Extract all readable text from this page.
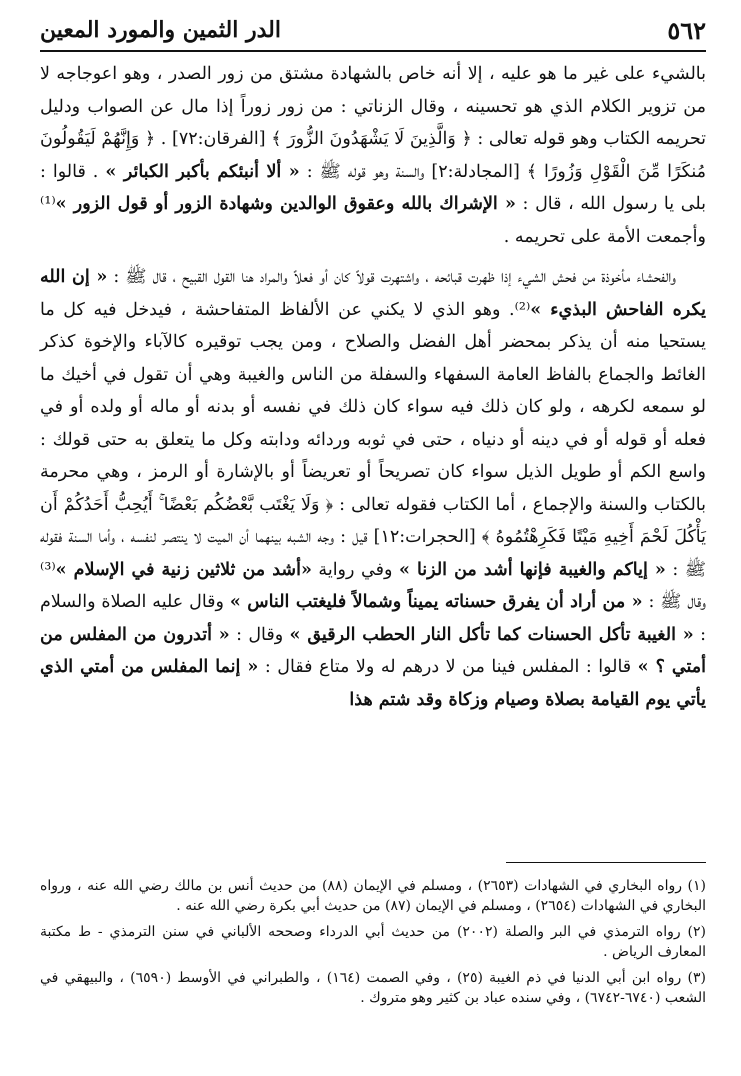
٥٦٢
الدر الثمين والمورد المعين

بالشيء على غير ما هو عليه ، إلا أنه خاص بالشهادة مشتق من زور الصدر ، وهو اعوجاجه لا من تزوير الكلام الذي هو تحسينه ، وقال الزناتي : من زور زوراً إذا مال عن الصواب ودليل تحريمه الكتاب وهو قوله تعالى : ﴿ وَالَّذِينَ لَا يَشْهَدُونَ الزُّورَ ﴾ [الفرقان:٧٢] . ﴿ وَإِنَّهُمْ لَيَقُولُونَ مُنكَرًا مِّنَ الْقَوْلِ وَزُورًا ﴾ [المجادلة:٢] والسنة وهو قوله ﷺ : « ألا أنبئكم بأكبر الكبائر » . قالوا : بلى يا رسول الله ، قال : « الإشراك بالله وعقوق الوالدين وشهادة الزور أو قول الزور »⁽¹⁾ وأجمعت الأمة على تحريمه .

والفحشاء مأخوذة من فحش الشيء إذا ظهرت قبائحه ، واشتهرت قولاً كان أو فعلاً والمراد هنا القول القبيح ، قال ﷺ : « إن الله يكره الفاحش البذيء »⁽²⁾. وهو الذي لا يكني عن الألفاظ المتفاحشة ، فيدخل فيه كل ما يستحيا منه أن يذكر بمحضر أهل الفضل والصلاح ، ومن يجب توقيره كالآباء والإخوة كذكر الغائط والجماع بالفاظ العامة السفهاء والسفلة من الناس والغيبة وهي أن تقول في أخيك ما لو سمعه لكرهه ، ولو كان ذلك فيه سواء كان ذلك في نفسه أو بدنه أو ماله أو ولده أو في فعله أو قوله أو في دينه أو دنياه ، حتى في ثوبه وردائه ودابته وكل ما يتعلق به حتى قولك : واسع الكم أو طويل الذيل سواء كان تصريحاً أو تعريضاً أو بالإشارة أو الرمز ، وهي محرمة بالكتاب والسنة والإجماع ، أما الكتاب فقوله تعالى : ﴿ وَلَا يَغْتَب بَّعْضُكُم بَعْضًا ۚ أَيُحِبُّ أَحَدُكُمْ أَن يَأْكُلَ لَحْمَ أَخِيهِ مَيْتًا فَكَرِهْتُمُوهُ ﴾ [الحجرات:١٢] قيل : وجه الشبه بينهما أن الميت لا ينتصر لنفسه ، وأما السنة فقوله ﷺ : « إياكم والغيبة فإنها أشد من الزنا » وفي رواية «أشد من ثلاثين زنية في الإسلام »⁽³⁾ وقال ﷺ : « من أراد أن يفرق حسناته يميناً وشمالاً فليغتب الناس » وقال عليه الصلاة والسلام : « الغيبة تأكل الحسنات كما تأكل النار الحطب الرقيق » وقال : « أتدرون من المفلس من أمتي ؟ » قالوا : المفلس فينا من لا درهم له ولا متاع فقال : « إنما المفلس من أمتي الذي يأتي يوم القيامة بصلاة وصيام وزكاة وقد شتم هذا

(١) رواه البخاري في الشهادات (٢٦٥٣) ، ومسلم في الإيمان (٨٨) من حديث أنس بن مالك رضي الله عنه ، ورواه البخاري في الشهادات (٢٦٥٤) ، ومسلم في الإيمان (٨٧) من حديث أبي بكرة رضي الله عنه .

(٢) رواه الترمذي في البر والصلة (٢٠٠٢) من حديث أبي الدرداء وصححه الألباني في سنن الترمذي - ط مكتبة المعارف الرياض .

(٣) رواه ابن أبي الدنيا في ذم الغيبة (٢٥) ، وفي الصمت (١٦٤) ، والطبراني في الأوسط (٦٥٩٠) ، والبيهقي في الشعب (٦٧٤٠-٦٧٤٢) ، وفي سنده عباد بن كثير وهو متروك .
